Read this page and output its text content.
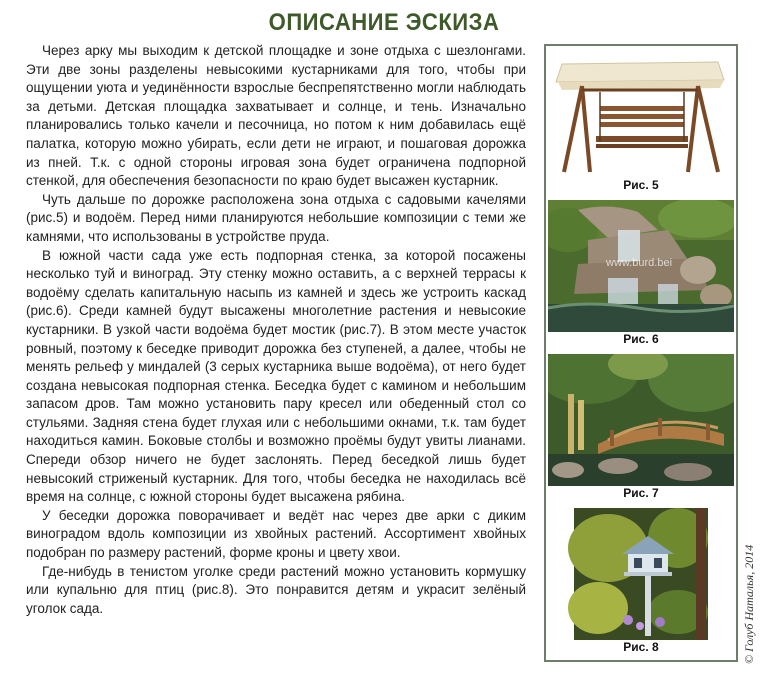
ОПИСАНИЕ ЭСКИЗА

Через арку мы выходим к детской площадке и зоне отдыха с шезлонгами. Эти две зоны разделены невысокими кустарниками для того, чтобы при ощущении уюта и уединённости взрослые беспрепятственно могли наблюдать за детьми. Детская площадка захватывает и солнце, и тень. Изначально планировались только качели и песочница, но потом к ним добавилась ещё палатка, которую можно убирать, если дети не играют, и пошаговая дорожка из пней. Т.к. с одной стороны игровая зона будет ограничена подпорной стенкой, для обеспечения безопасности по краю будет высажен кустарник.

Чуть дальше по дорожке расположена зона отдыха с садовыми качелями (рис.5) и водоём. Перед ними планируются небольшие композиции с теми же камнями, что использованы в устройстве пруда.

В южной части сада уже есть подпорная стенка, за которой посажены несколько туй и виноград. Эту стенку можно оставить, а с верхней террасы к водоёму сделать капитальную насыпь из камней и здесь же устроить каскад (рис.6). Среди камней будут высажены многолетние растения и невысокие кустарники. В узкой части водоёма будет мостик (рис.7). В этом месте участок ровный, поэтому к беседке приводит дорожка без ступеней, а далее, чтобы не менять рельеф у миндалей (3 серых кустарника выше водоёма), от него будет создана невысокая подпорная стенка. Беседка будет с камином и небольшим запасом дров. Там можно установить пару кресел или обеденный стол со стульями. Задняя стена будет глухая или с небольшими окнами, т.к. там будет находиться камин. Боковые столбы и возможно проёмы будут увиты лианами. Спереди обзор ничего не будет заслонять. Перед беседкой лишь будет невысокий стриженый кустарник. Для того, чтобы беседка не находилась всё время на солнце, с южной стороны будет высажена рябина.

У беседки дорожка поворачивает и ведёт нас через две арки с диким виноградом вдоль композиции из хвойных растений. Ассортимент хвойных подобран по размеру растений, форме кроны и цвету хвои.

Где-нибудь в тенистом уголке среди растений можно установить кормушку или купальню для птиц (рис.8). Это понравится детям и украсит зелёный уголок сада.

Рис. 5
www.burd.bei
Рис. 6
Рис. 7
Рис. 8	© Голуб Наталья, 2014
